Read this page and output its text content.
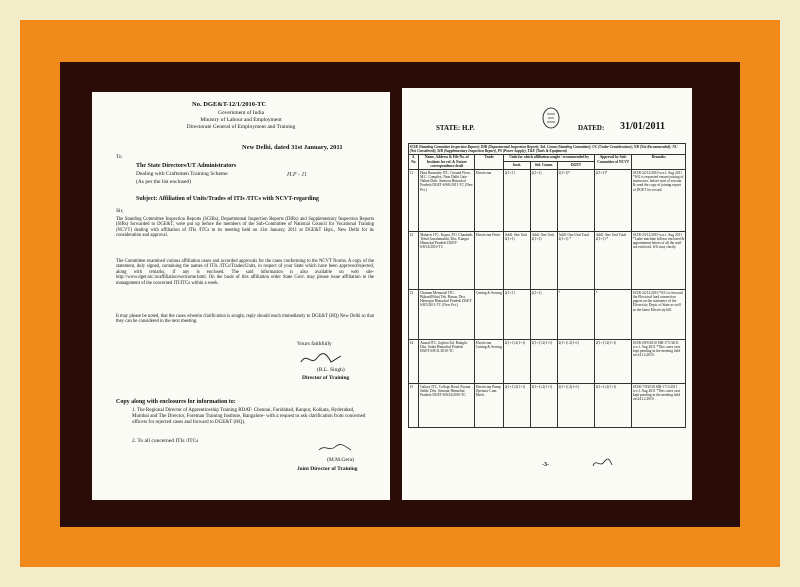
No. DGE&T-12/1/2010-TC
Government of India
Ministry of Labour and Employment
Directorate General of Employment and Training
New Delhi, dated 31st January, 2011
To
The State Directors/UT Administrators
Dealing with Craftsmen Training Scheme
(As per the list enclosed)
H.P - 11
Subject: Affiliation of Units/Trades of ITIs /ITCs with NCVT-regarding
Sir,
The Standing Committee Inspection Reports (SCIRs), Departmental Inspection Reports (DIRs) and Supplementary Inspection Reports (SIRs) forwarded to DGE&T, were put up before the members of the Sub-Committee of National Council for Vocational Training (NCVT) dealing with affiliation of ITIs /ITCs in its meeting held on 31st January, 2011 at DGE&T Hqrs., New Delhi for its consideration and approval.
The Committee examined various affiliation cases and accorded approvals for the cases conforming to the NCVT Norms. A copy of the statement, duly signed, containing the names of ITIs /ITCs/Trades/Units, in respect of your State which have been approved/rejected, along with remarks, if any is enclosed. The said information is also available on web site- http://www.dget.nic.in/affiliation/welcome.html. On the basis of this affiliation order State Govt. may please issue affiliation to the management of the concerned ITI/ITCs within a week.
It may please be noted, that the cases wherein clarification is sought, reply should reach immediately to DGE&T (HQ) New Delhi so that they can be considered in the next meeting.
Yours faithfully
(R.L. Singh)
Director of Training
Copy along with enclosures for information to:
1. The Regional Director of Apprenticeship Training RDAT- Chennai, Faridabad, Kanpur, Kolkata, Hyderabad, Mumbai and The Director, Foreman Training Institute, Bangalore- with a request to ask clarification from concerned officers for rejected cases and forward to DGE&T (HQ).
2. To all concerned ITIs /ITCs
(M.M.Gera)
Joint Director of Training
STATE: H.P.	DATED: 31/01/2011
SCIR (Standing Committee Inspection Report); DIR (Departmental Inspection Report); Std. Comm (Standing Committee); UC (Under Consideration); NR (Not Recommended); NC (Not Considered); SIR (Supplementary Inspection Report), PS (Power Supply), T&E (Tools & Equipment)							
S. No.	Name, Address & File No. of Institute for ref. & Future correspondence draft	Trade	Units for which affiliation sought / recommended by			Approval by Sub-Committee of NCVT	Remarks
			Instt.	Std. Comm.	DGET		
11	Hota Basundry ITC, Ground Floor, M.C. Complex, Near Dalhi Gate Nahan Distt. Sirmour Himachal Pradesh DGET-6/8/6/2011-TC (New Pvt.)	Electrician	2(1+1)	2(1+1)	2(1+1)*	2(1+1)*	SCIR-22/12/2010 w.e.f. Aug 2011 *S/G is requested ensure joining of instructors, before start of session & send the copy of joining report of DGET for record.
12	Mahavir ITC, Kopra, P.O. Chaukath, Tehsil Jawalamukhi, Dist. Kangra Himachal Pradesh DGET-6/8/14/2010-TC	Electrician Fitter	Addl. One Unit 2(1+1)	Addl. One Unit 2(1+1)	Addl. One Unit Total 2(1+1) *	Addl. One Unit Total 2(1+1) *	SCIR-23/12/2010 w.e.f. Aug 2011 *Lathe machine bill not enclosed & appointment letters of all the staff not enclosed. S/G may clarify.
13	Chaman Memorial ITC, Bijhari(Bilru) Teh. Barsar, Dist. Hamirpur Himachal Pradesh DGET-6/8/5/2011-TC (New Pvt.)	Cutting & Sewing	2(1+1)	2(1+1)	*	*	SCIR-22/12/2010 *S/G to forward the Electrical load connection papers on the stationery of the Electricity Deptt. of State as well as the latest Electricity bill.
14	Anand ITC, Joghon Tal. Balaghi, Dist. Solan Himachal Pradesh DGET-6/8/31/2010-TC	Electrician Cutting & Sewing	2(1+1) 2(1+1)	2(1+1) 2(1+1)	2(1+1) 2(1+1)	2(1+1) 2(1+1)	SCIR-29/9/2010 SIR-17/1/2011 w.e.f. Aug 2011 *This cases case kept pending in the meeting held on 24.12.2010.
15	Galaxy ITC, College Road, Paonta Sahib, Dist. Sirmour Himachal Pradesh DGET-6/8/24/2010-TC	Electrician Pump Operator Cum Mech.	2(1+1) 2(1+1)	2(1+1) 2(1+1)	2(1+1) 2(1+1)	2(1+1) 2(1+1)	SCIR-7/9/2010 SIR-17/1/2011 w.e.f. Aug 2011 *This cases case kept pending in the meeting held on 24.12.2010.
-3-
